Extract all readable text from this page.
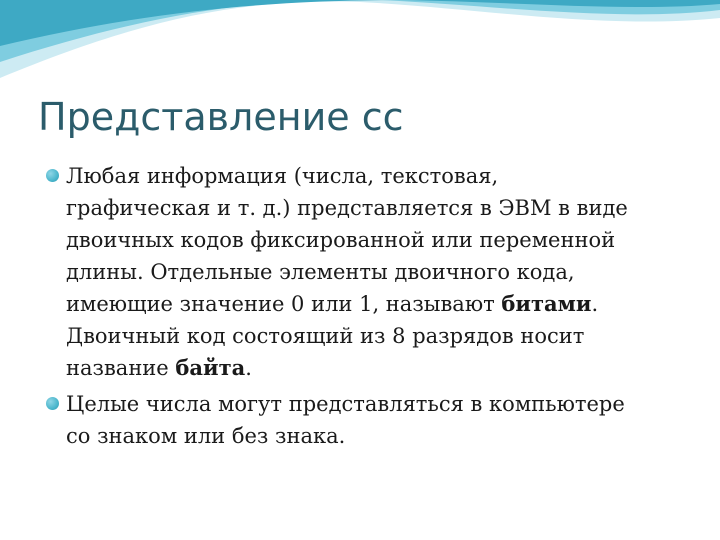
Представление сс
Любая информация (числа, текстовая,
графическая и т. д.) представляется в ЭВМ в виде
двоичных кодов фиксированной или переменной
длины. Отдельные элементы двоичного кода,
имеющие значение 0 или 1, называют битами.
Двоичный код состоящий из 8 разрядов носит
название байта.
Целые числа могут представляться в компьютере
со знаком или без знака.
